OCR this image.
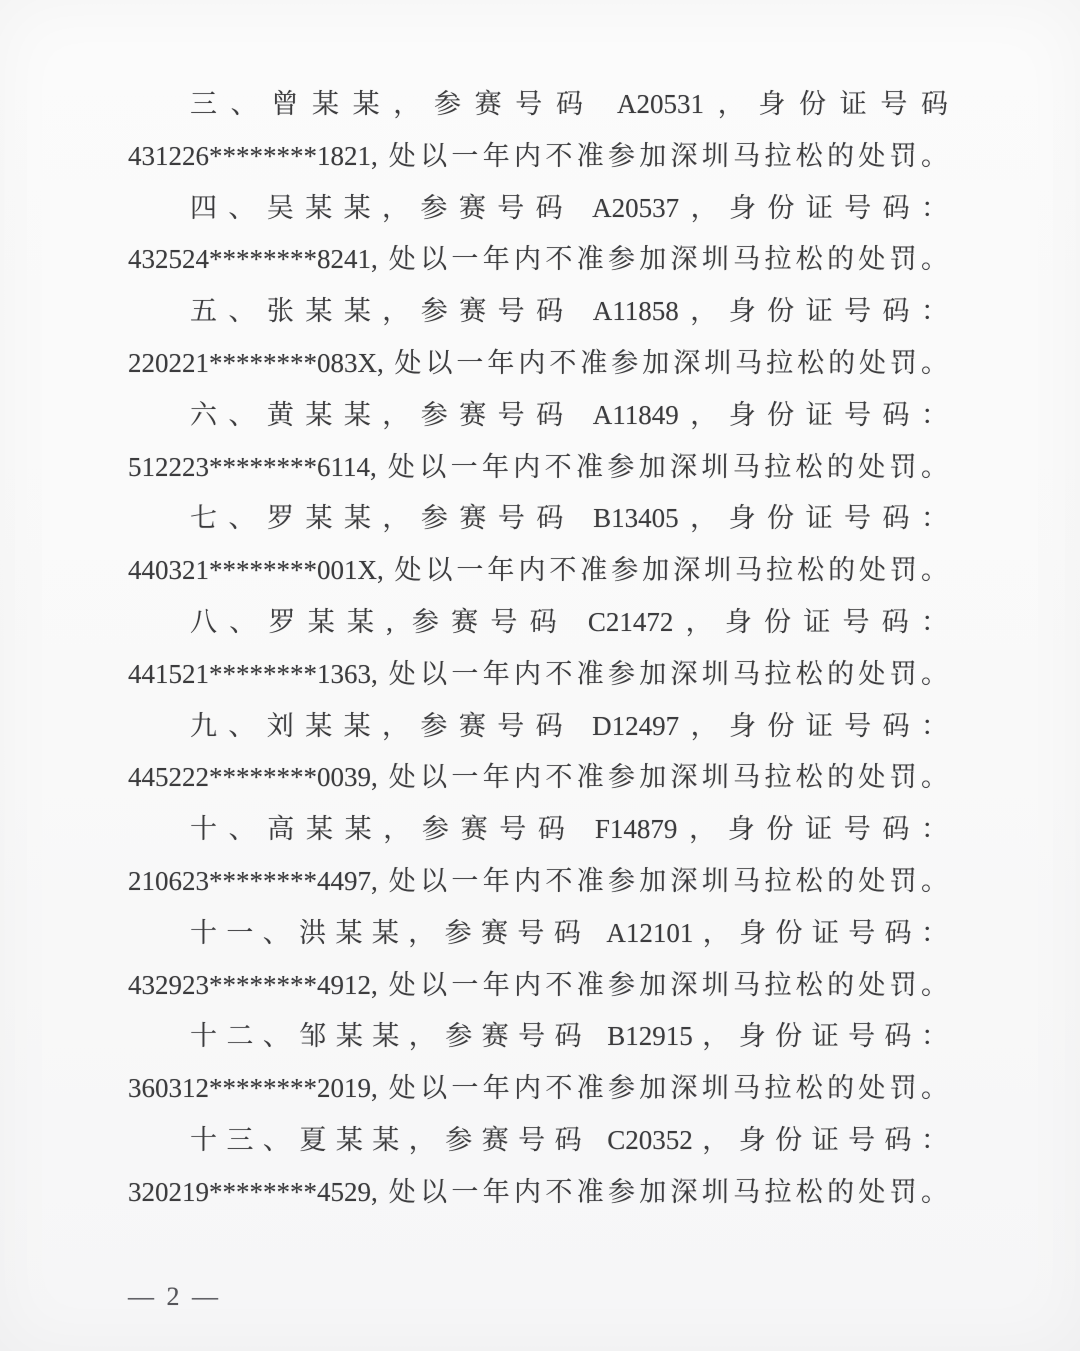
三、曾某某，参赛号码 A20531，身份证号码
431226********1821, 处以一年内不准参加深圳马拉松的处罚。
四、吴某某，参赛号码 A20537，身份证号码：
432524********8241, 处以一年内不准参加深圳马拉松的处罚。
五、张某某，参赛号码 A11858，身份证号码：
220221********083X, 处以一年内不准参加深圳马拉松的处罚。
六、黄某某，参赛号码 A11849，身份证号码：
512223********6114, 处以一年内不准参加深圳马拉松的处罚。
七、罗某某，参赛号码 B13405，身份证号码：
440321********001X, 处以一年内不准参加深圳马拉松的处罚。
八、罗某某, 参赛号码 C21472，身份证号码：
441521********1363, 处以一年内不准参加深圳马拉松的处罚。
九、刘某某，参赛号码 D12497，身份证号码：
445222********0039, 处以一年内不准参加深圳马拉松的处罚。
十、高某某，参赛号码 F14879，身份证号码：
210623********4497, 处以一年内不准参加深圳马拉松的处罚。
十一、洪某某，参赛号码 A12101，身份证号码：
432923********4912, 处以一年内不准参加深圳马拉松的处罚。
十二、邹某某，参赛号码 B12915，身份证号码：
360312********2019, 处以一年内不准参加深圳马拉松的处罚。
十三、夏某某，参赛号码 C20352，身份证号码：
320219********4529, 处以一年内不准参加深圳马拉松的处罚。
— 2 —
